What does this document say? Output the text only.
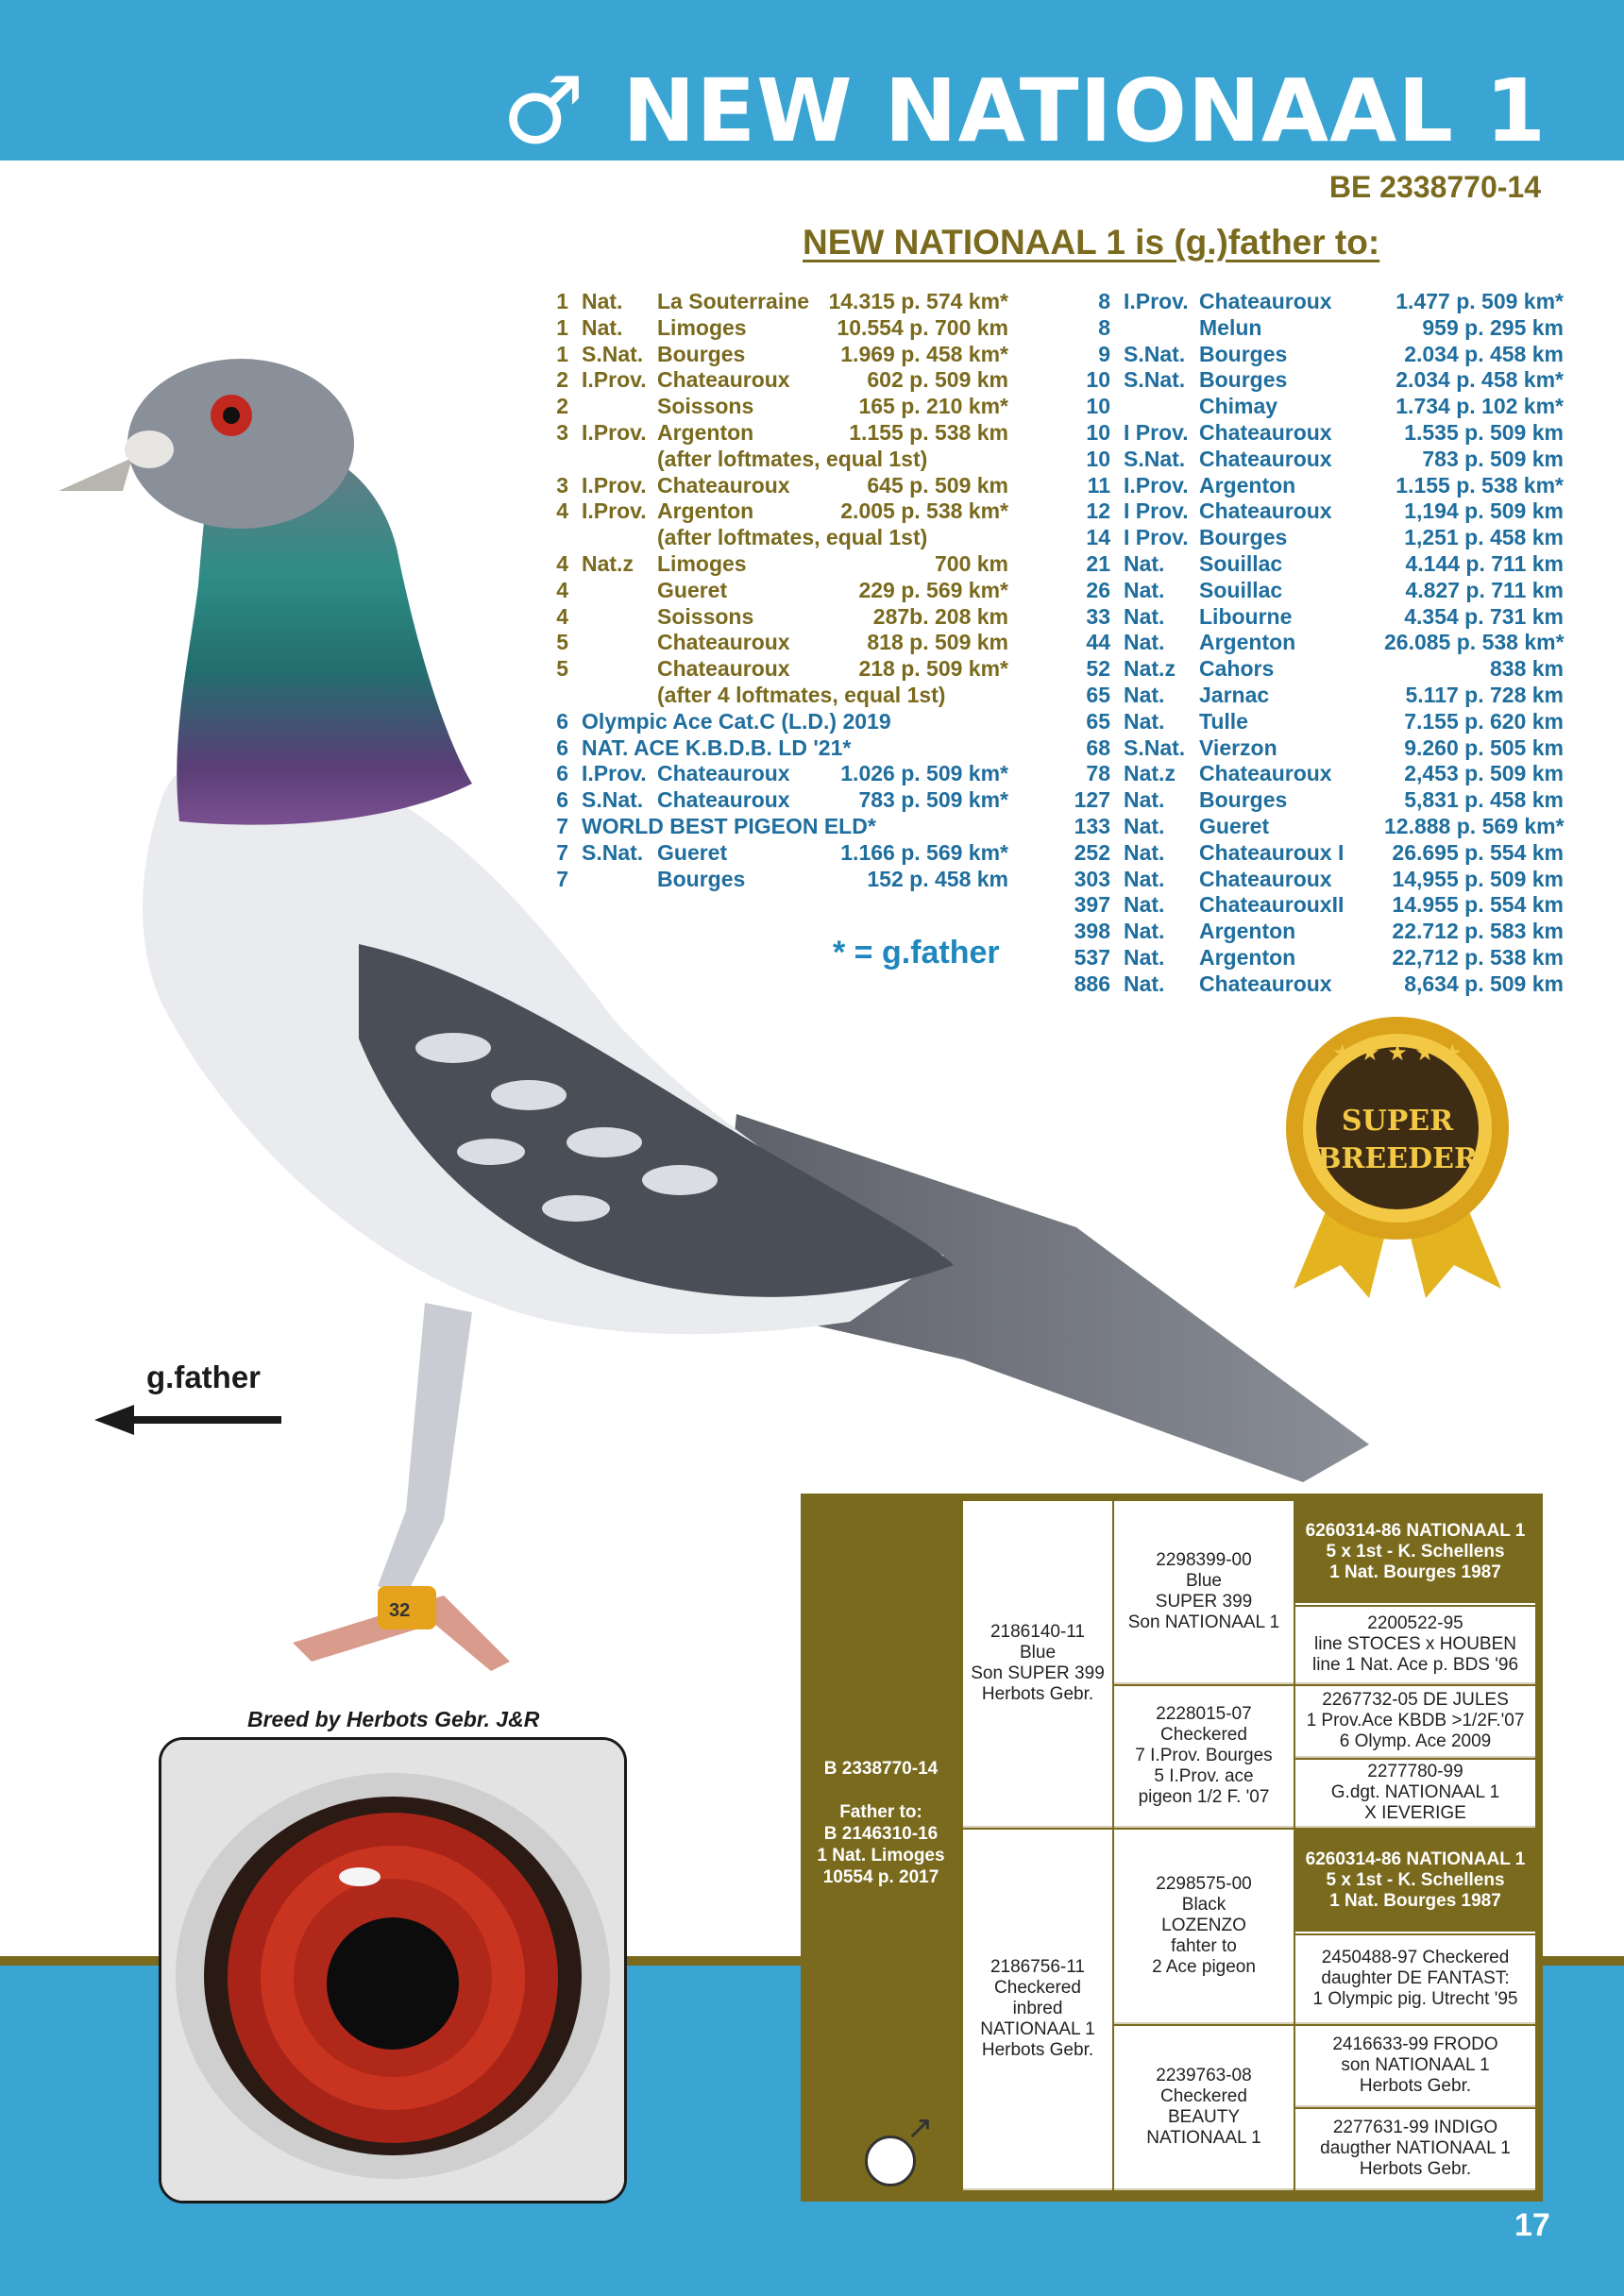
♂ NEW NATIONAAL 1
BE 2338770-14
NEW NATIONAAL 1 is (g.)father to:
32
1 Nat.	La Souterraine 14.315 p. 574 km*
1 Nat.	Limoges	10.554 p. 700 km
1 S.Nat. Bourges	1.969 p. 458 km*
2 I.Prov. Chateauroux	602 p. 509 km
2	Soissons	165 p. 210 km*
3 I.Prov. Argenton	1.155 p. 538 km
(after loftmates, equal 1st)
3 I.Prov. Chateauroux	645 p. 509 km
4 I.Prov. Argenton	2.005 p. 538 km*
(after loftmates, equal 1st)
4 Nat.z	Limoges	700 km
4	Gueret	229 p. 569 km*
4	Soissons	287b. 208 km
5	Chateauroux	818 p. 509 km
5	Chateauroux	218 p. 509 km*
(after 4 loftmates, equal 1st)
6 Olympic Ace Cat.C (L.D.) 2019
6 NAT. ACE K.B.D.B. LD '21*
6 I.Prov. Chateauroux	1.026 p. 509 km*
6 S.Nat. Chateauroux	783 p. 509 km*
7 WORLD BEST PIGEON ELD*
7 S.Nat. Gueret	1.166 p. 569 km*
7	Bourges	152 p. 458 km
8 I.Prov. Chateauroux	1.477 p. 509 km*
8	Melun	959 p. 295 km
9 S.Nat. Bourges	2.034 p. 458 km
10 S.Nat. Bourges	2.034 p. 458 km*
10	Chimay	1.734 p. 102 km*
10 I Prov. Chateauroux	1.535 p. 509 km
10 S.Nat. Chateauroux	783 p. 509 km
11 I.Prov. Argenton	1.155 p. 538 km*
12 I Prov. Chateauroux	1,194 p. 509 km
14 I Prov. Bourges	1,251 p. 458 km
21 Nat.	Souillac	4.144 p. 711 km
26 Nat.	Souillac	4.827 p. 711 km
33 Nat.	Libourne	4.354 p. 731 km
44 Nat.	Argenton	26.085 p. 538 km*
52 Nat.z	Cahors	838 km
65 Nat.	Jarnac	5.117 p. 728 km
65 Nat.	Tulle	7.155 p. 620 km
68 S.Nat. Vierzon	9.260 p. 505 km
78 Nat.z	Chateauroux	2,453 p. 509 km
127 Nat.	Bourges	5,831 p. 458 km
133 Nat.	Gueret	12.888 p. 569 km*
252 Nat.	Chateauroux I	26.695 p. 554 km
303 Nat.	Chateauroux	14,955 p. 509 km
397 Nat.	ChateaurouxII	14.955 p. 554 km
398 Nat.	Argenton	22.712 p. 583 km
537 Nat.	Argenton	22,712 p. 538 km
886 Nat.	Chateauroux	8,634 p. 509 km
* = g.father
★ ★ ★ ★ ★
SUPER
BREEDER
g.father
Breed by Herbots Gebr. J&R
B 2338770-14

Father to:
B 2146310-16
1 Nat. Limoges
10554 p. 2017
↗
2186140-11
Blue
Son SUPER 399
Herbots Gebr.
2186756-11
Checkered
inbred
NATIONAAL 1
Herbots Gebr.
2298399-00
Blue
SUPER 399
Son NATIONAAL 1
2228015-07
Checkered
7 I.Prov. Bourges
5 I.Prov. ace
pigeon 1/2 F. '07
2298575-00
Black
LOZENZO
fahter to
2 Ace pigeon
2239763-08
Checkered
BEAUTY
NATIONAAL 1
6260314-86 NATIONAAL 1
5 x 1st - K. Schellens
1 Nat. Bourges 1987
2200522-95
line STOCES x HOUBEN
line 1 Nat. Ace p. BDS '96
2267732-05 DE JULES
1 Prov.Ace KBDB >1/2F.'07
6 Olymp. Ace 2009
2277780-99
G.dgt. NATIONAAL 1
X IEVERIGE
6260314-86 NATIONAAL 1
5 x 1st - K. Schellens
1 Nat. Bourges 1987
2450488-97 Checkered
daughter DE FANTAST:
1 Olympic pig. Utrecht '95
2416633-99 FRODO
son NATIONAAL 1
Herbots Gebr.
2277631-99 INDIGO
daugther NATIONAAL 1
Herbots Gebr.
17
